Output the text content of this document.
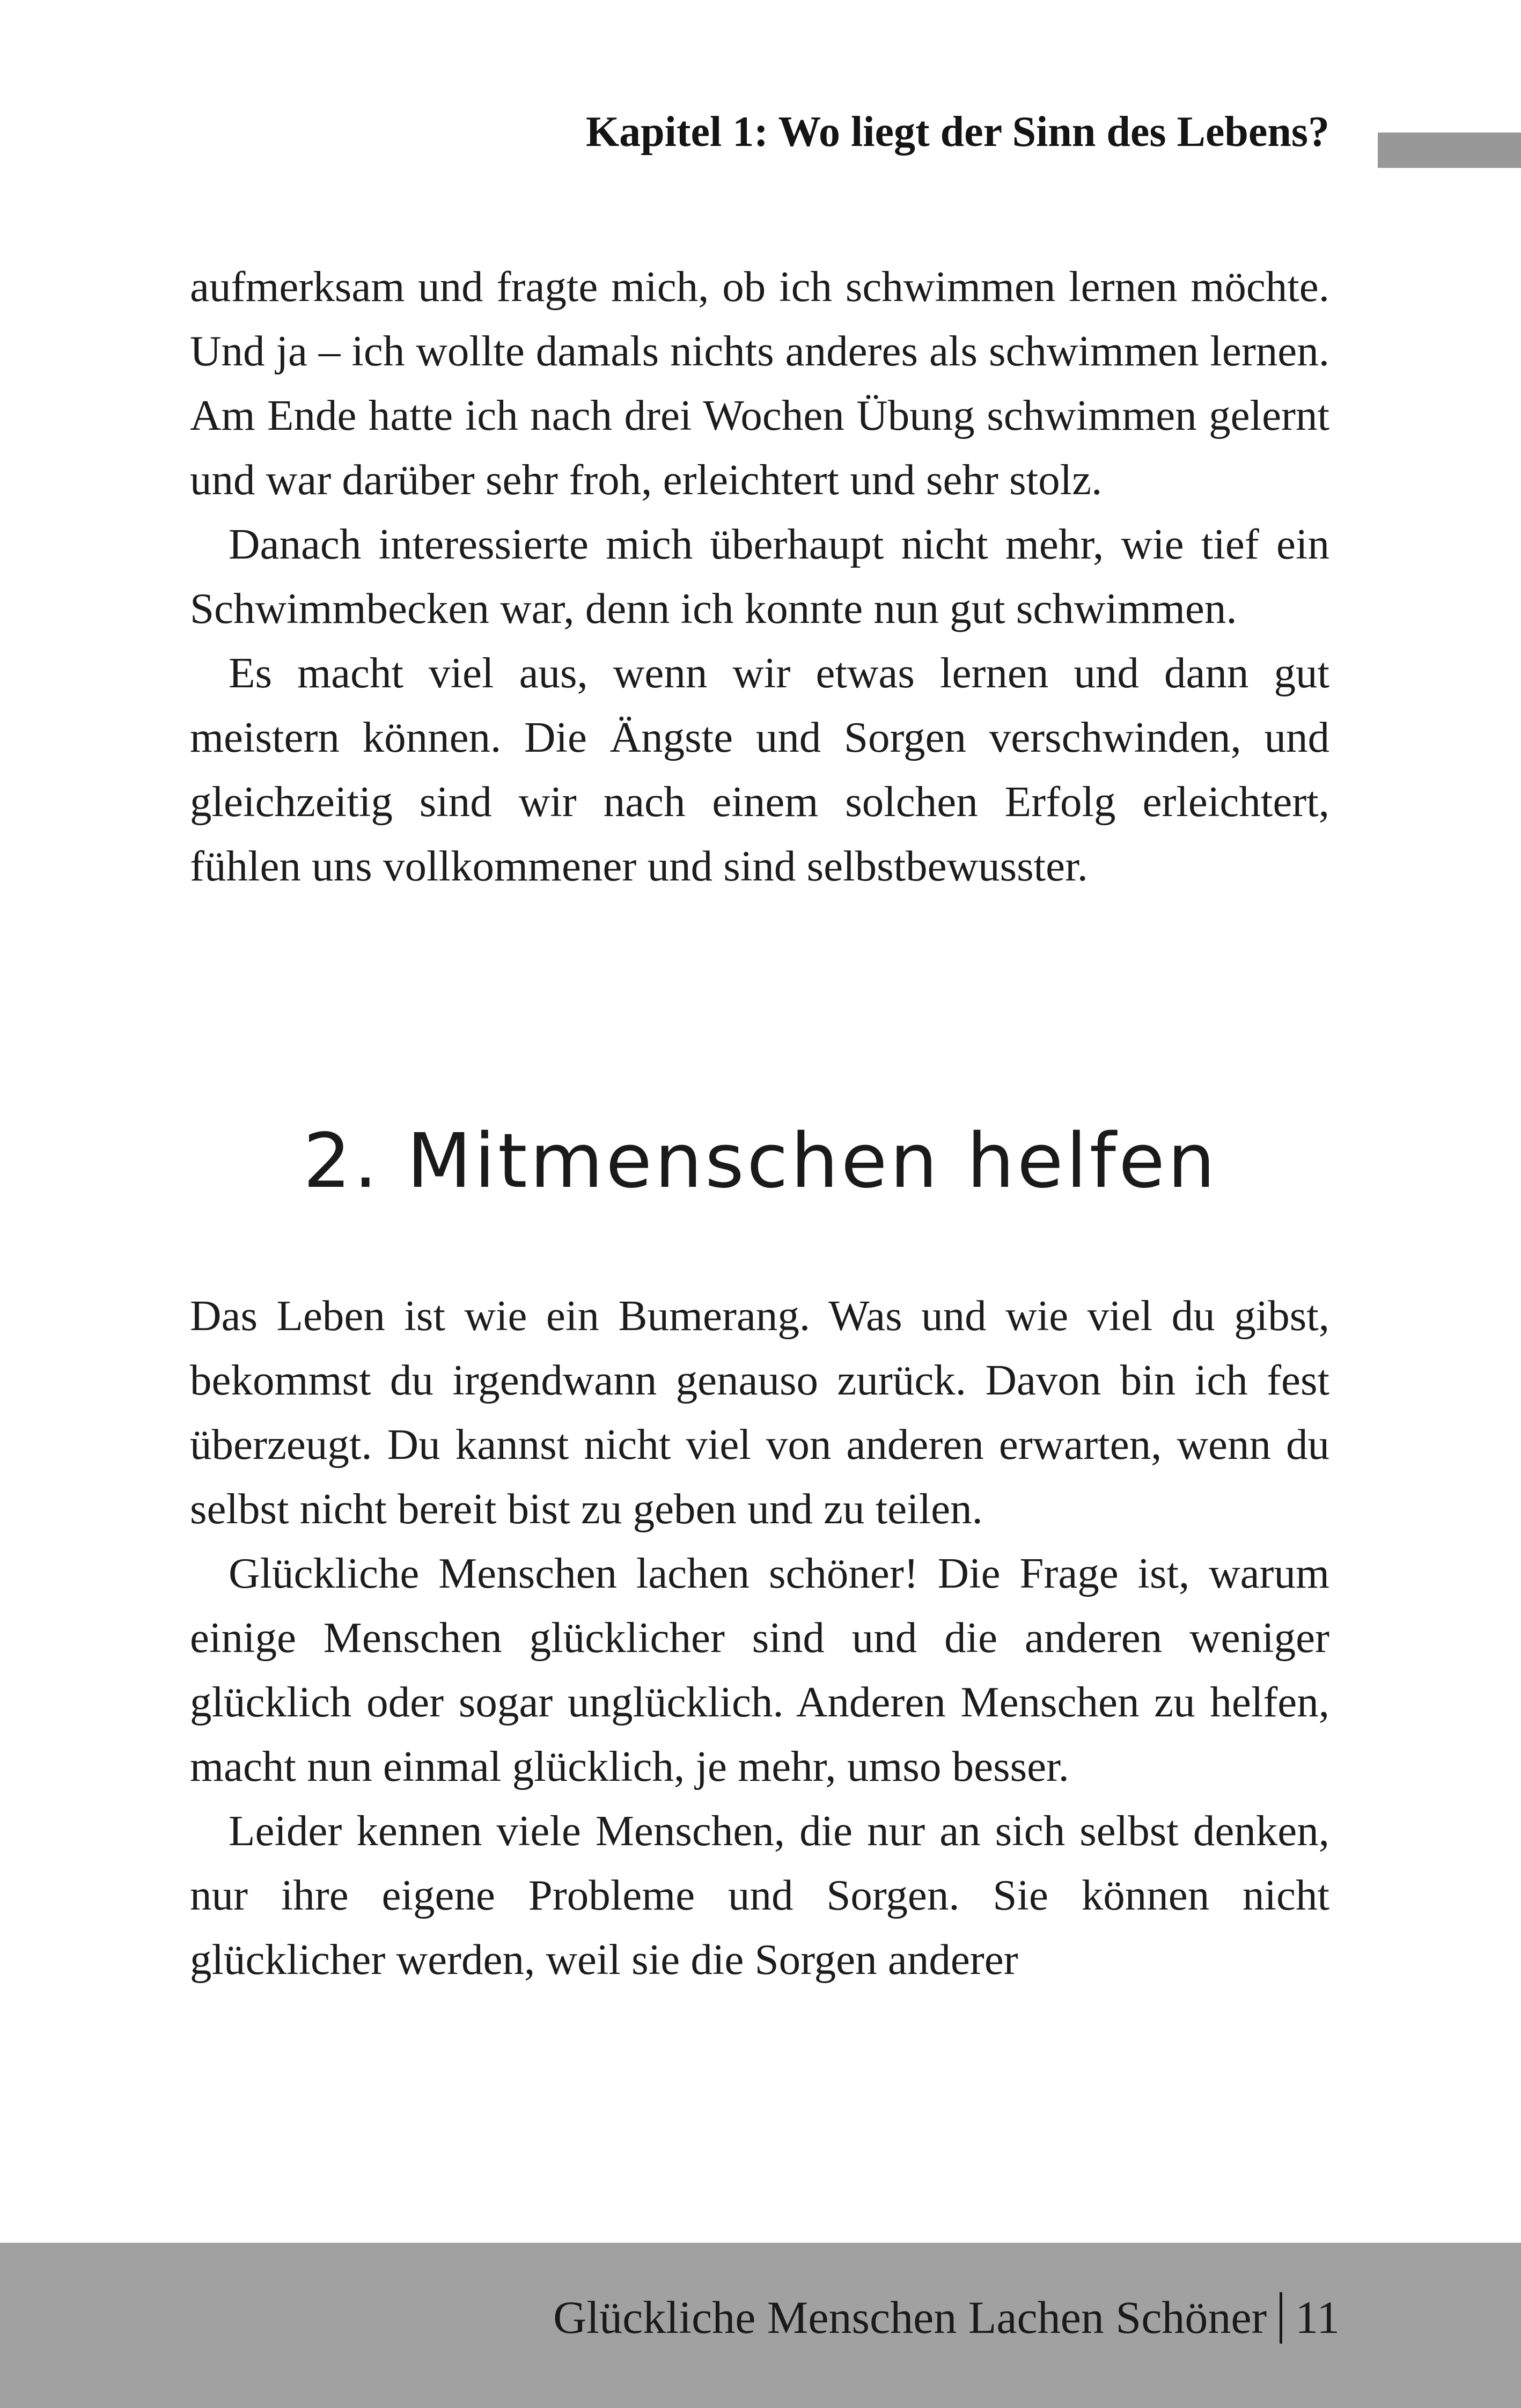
Kapitel 1: Wo liegt der Sinn des Lebens?

aufmerksam und fragte mich, ob ich schwimmen lernen möchte. Und ja – ich wollte damals nichts anderes als schwimmen lernen. Am Ende hatte ich nach drei Wochen Übung schwimmen gelernt und war darüber sehr froh, erleichtert und sehr stolz.

Danach interessierte mich überhaupt nicht mehr, wie tief ein Schwimmbecken war, denn ich konnte nun gut schwimmen.

Es macht viel aus, wenn wir etwas lernen und dann gut meistern können. Die Ängste und Sorgen verschwinden, und gleichzeitig sind wir nach einem solchen Erfolg erleichtert, fühlen uns vollkommener und sind selbstbewusster.

2. Mitmenschen helfen

Das Leben ist wie ein Bumerang. Was und wie viel du gibst, bekommst du irgendwann genauso zurück. Davon bin ich fest überzeugt. Du kannst nicht viel von anderen erwarten, wenn du selbst nicht bereit bist zu geben und zu teilen.

Glückliche Menschen lachen schöner! Die Frage ist, warum einige Menschen glücklicher sind und die anderen weniger glücklich oder sogar unglücklich. Anderen Menschen zu helfen, macht nun einmal glücklich, je mehr, umso besser.

Leider kennen viele Menschen, die nur an sich selbst denken, nur ihre eigene Probleme und Sorgen. Sie können nicht glücklicher werden, weil sie die Sorgen anderer

Glückliche Menschen Lachen Schöner 11
